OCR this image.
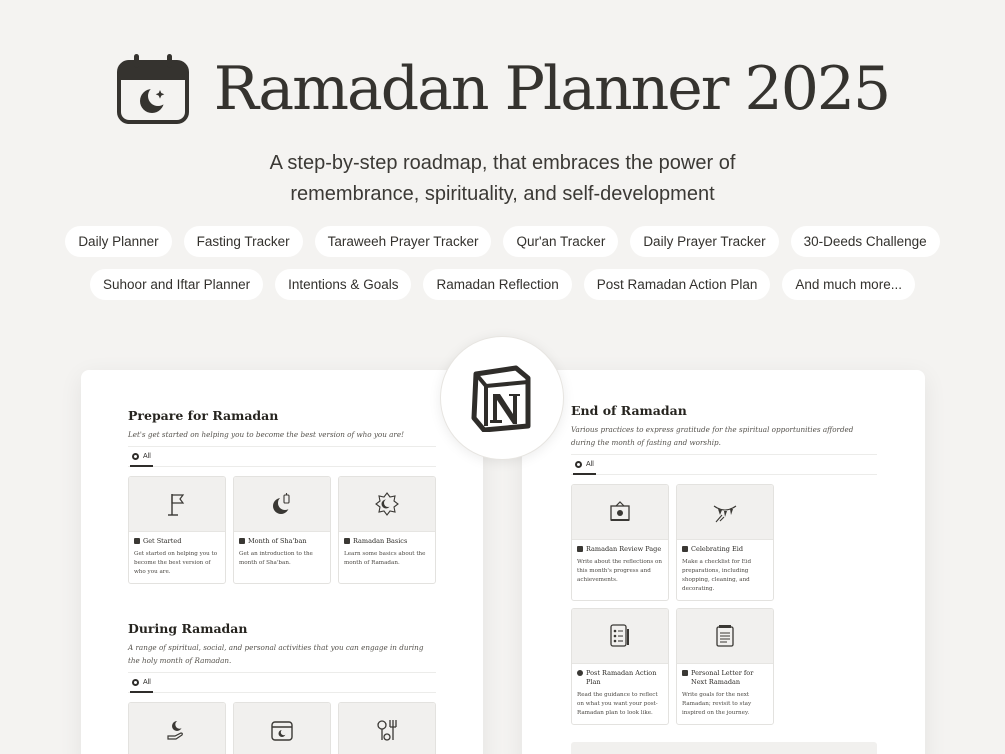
Ramadan Planner 2025

A step-by-step roadmap, that embraces the power of
remembrance, spirituality, and self-development

Daily Planner	Fasting Tracker	Taraweeh Prayer Tracker	Qur'an Tracker	Daily Prayer Tracker	30-Deeds Challenge
Suhoor and Iftar Planner	Intentions & Goals	Ramadan Reflection	Post Ramadan Action Plan	And much more...
Prepare for Ramadan
Let's get started on helping you to become the best version of who you are!
All
Get Started
Get started on helping you to become the best version of who you are.
Month of Sha'ban
Get an introduction to the month of Sha'ban.
Ramadan Basics
Learn some basics about the month of Ramadan.
During Ramadan
A range of spiritual, social, and personal activities that you can engage in during the holy month of Ramadan.
All
End of Ramadan
Various practices to express gratitude for the spiritual opportunities afforded during the month of fasting and worship.
All
Ramadan Review Page
Write about the reflections on this month's progress and achievements.
Celebrating Eid
Make a checklist for Eid preparations, including shopping, cleaning, and decorating.
Post Ramadan Action Plan
Read the guidance to reflect on what you want your post-Ramadan plan to look like.
Personal Letter for Next Ramadan
Write goals for the next Ramadan; revisit to stay inspired on the journey.
